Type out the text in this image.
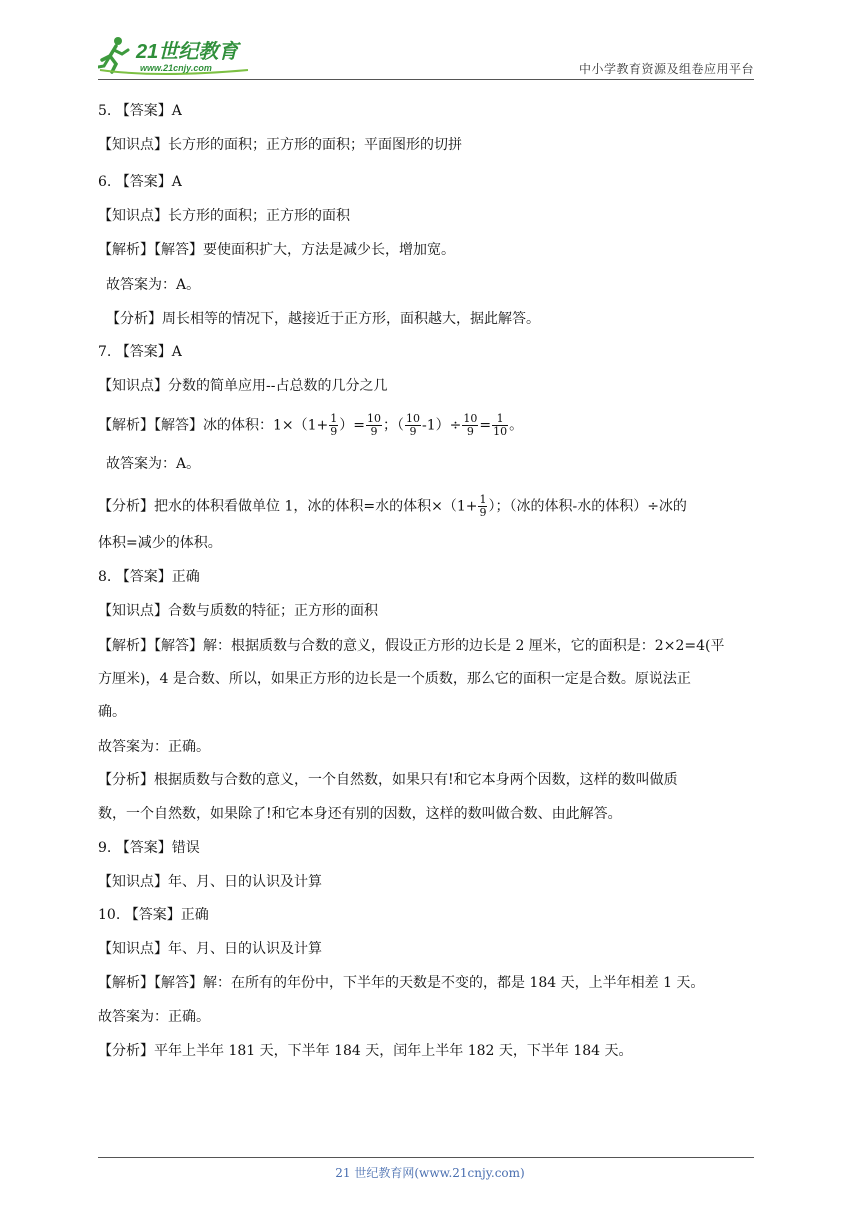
21世纪教育
www.21cnjy.com	中小学教育资源及组卷应用平台
5. 【答案】A
【知识点】长方形的面积；正方形的面积；平面图形的切拼
6. 【答案】A
【知识点】长方形的面积；正方形的面积
【解析】【解答】要使面积扩大，方法是减少长，增加宽。
故答案为：A。
【分析】周长相等的情况下，越接近于正方形，面积越大，据此解答。
7. 【答案】A
【知识点】分数的简单应用--占总数的几分之几
【解析】【解答】冰的体积：$1\times(1+ \frac{1}{9}$ ）= $\frac{10}{9}$ ；（ $\frac{10}{9} -1)\div \frac{10}{9} = \frac{1}{10}$ 。
故答案为：A。
【分析】把水的体积看做单位 1，冰的体积=水的体积$\times(1+ \frac{1}{9}$ ）；（冰的体积-水的体积）÷冰的
体积=减少的体积。
8. 【答案】正确
【知识点】合数与质数的特征；正方形的面积
【解析】【解答】解：根据质数与合数的意义，假设正方形的边长是 2 厘米，它的面积是：2×2=4(平
方厘米)，4 是合数、所以，如果正方形的边长是一个质数，那么它的面积一定是合数。原说法正
确。
故答案为：正确。
【分析】根据质数与合数的意义，一个自然数，如果只有!和它本身两个因数，这样的数叫做质
数，一个自然数，如果除了!和它本身还有别的因数，这样的数叫做合数、由此解答。
9. 【答案】错误
【知识点】年、月、日的认识及计算
10. 【答案】正确
【知识点】年、月、日的认识及计算
【解析】【解答】解：在所有的年份中，下半年的天数是不变的，都是 184 天，上半年相差 1 天。
故答案为：正确。
【分析】平年上半年 181 天，下半年 184 天，闰年上半年 182 天，下半年 184 天。
21 世纪教育网(www.21cnjy.com)
